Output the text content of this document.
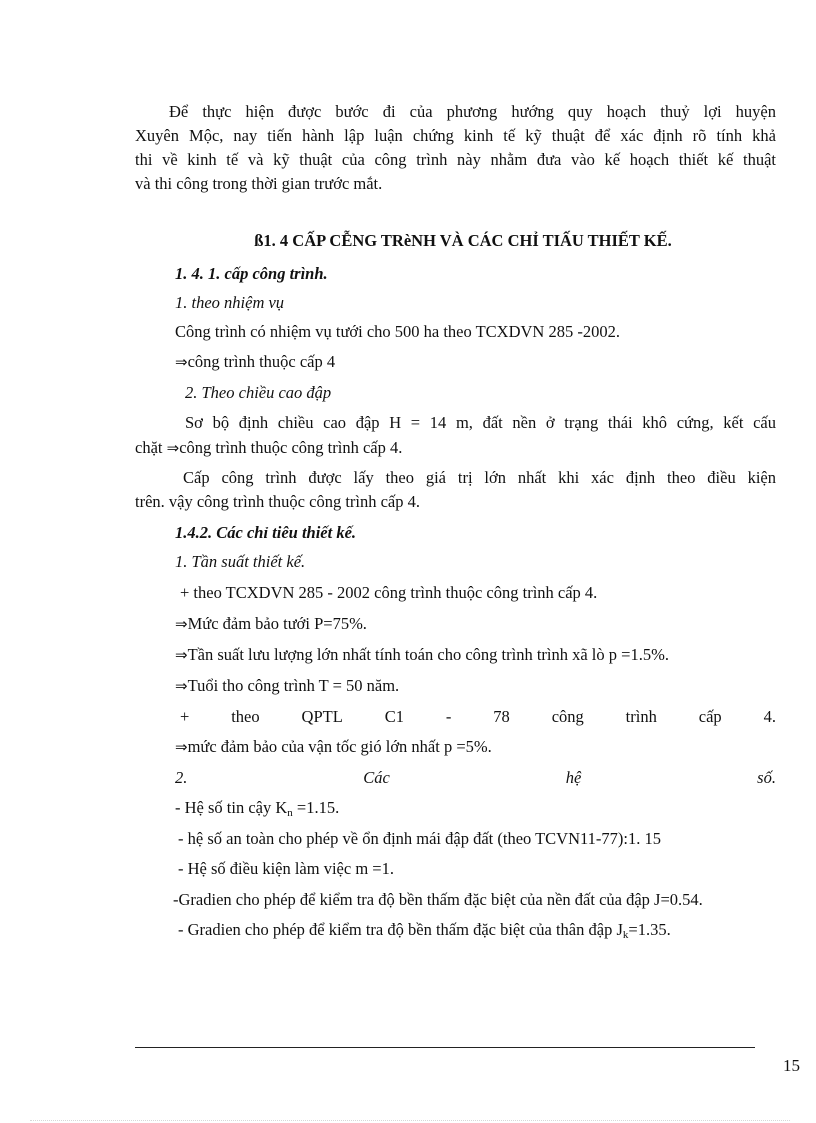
Để thực hiện được bước đi của phương hướng quy hoạch thuỷ lợi huyện
Xuyên Mộc, nay tiến hành lập luận chứng kinh tế kỹ thuật để xác định rõ tính khả
thi về kinh tế và kỹ thuật của công trình này nhằm đưa vào kế hoạch thiết kế thuật
và thi công trong thời gian trước mắt.
ß1. 4 CẤP CỄNG TRèNH VÀ CÁC CHỈ TIẤU THIẾT KẾ.
1. 4. 1. cấp công trình.
1. theo nhiệm vụ
Công trình có nhiệm vụ tưới cho 500 ha theo TCXDVN 285 -2002.
⇒công trình thuộc cấp 4
2. Theo chiều cao đập
Sơ bộ định chiều cao đập H = 14 m, đất nền ở trạng thái khô cứng, kết cấu
chặt ⇒công trình thuộc công trình cấp 4.
Cấp công trình được lấy theo giá trị lớn nhất khi xác định theo điều kiện
trên. vậy công trình thuộc công trình cấp 4.
1.4.2. Các chỉ tiêu thiết kế.
1. Tần suất thiết kế.
+ theo TCXDVN 285 - 2002 công trình thuộc công trình cấp 4.
⇒Mức đảm bảo tưới P=75%.
⇒Tần suất lưu lượng lớn nhất tính toán cho công trình trình xã lò p =1.5%.
⇒Tuổi tho công trình T = 50 năm.
+	theo	QPTL	C1	-	78	công	trình	cấp	4.
⇒mức đảm bảo của vận tốc gió lớn nhất p =5%.
2.	Các	hệ	số.
- Hệ số tin cậy $K_n =1.15$.
- hệ số an toàn cho phép về ổn định mái đập đất (theo TCVN11-77):1. 15
- Hệ số điều kiện làm việc m =1.
-Gradien cho phép để kiểm tra độ bền thấm đặc biệt của nền đất của đập J=0.54.
- Gradien cho phép để kiểm tra độ bền thấm đặc biệt của thân đập $J_k=1.35$.
15
